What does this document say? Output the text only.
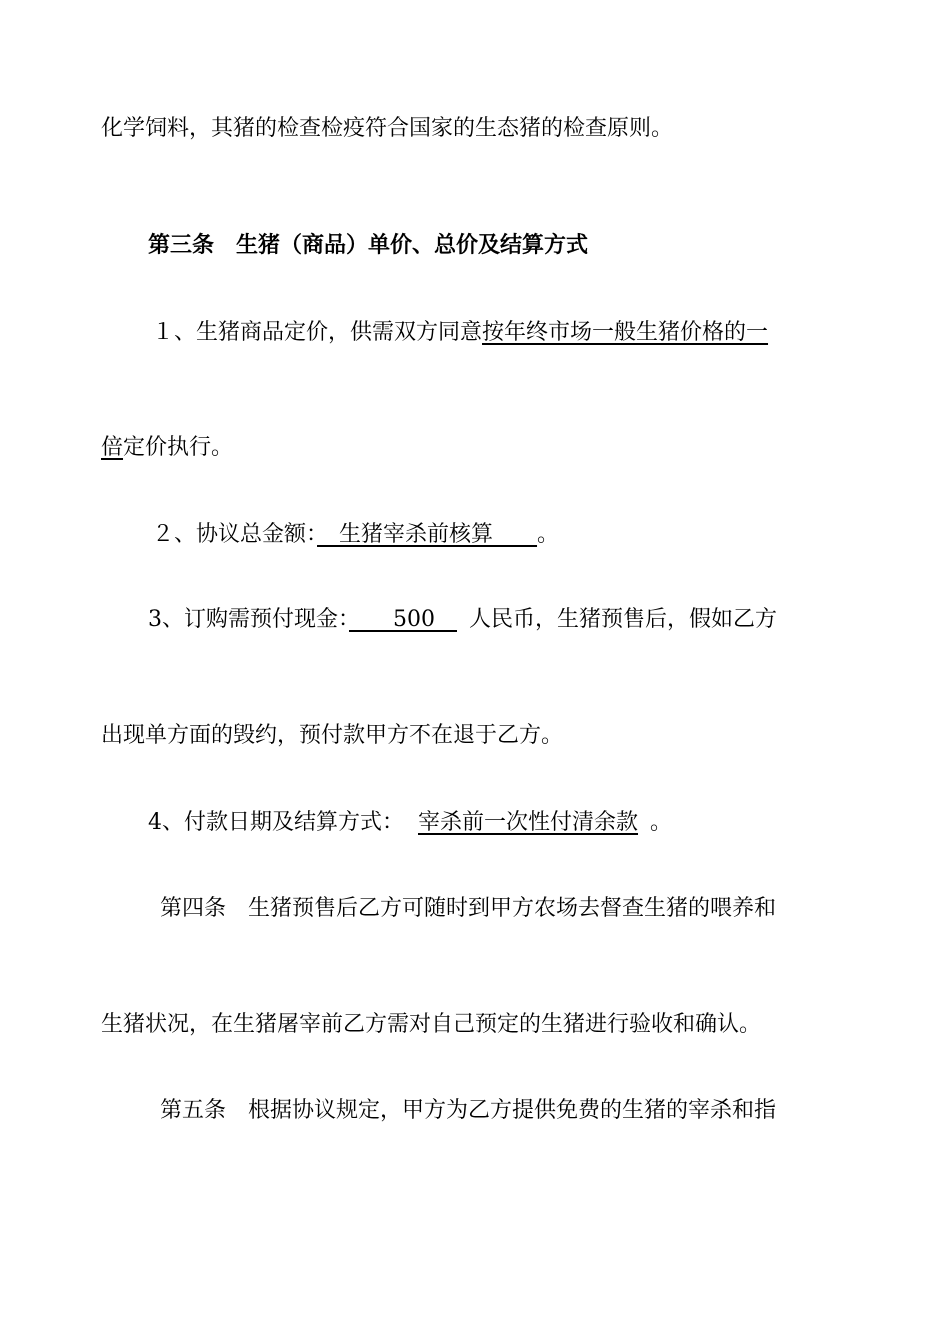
化学饲料，其猪的检查检疫符合国家的生态猪的检查原则。
第三条　生猪（商品）单价、总价及结算方式
１、生猪商品定价，供需双方同意按年终市场一般生猪价格的一
倍定价执行。
２、协议总金额：　生猪宰杀前核算　　。
3、订购需预付现金：　　500　人民币，生猪预售后，假如乙方
出现单方面的毁约，预付款甲方不在退于乙方。
4、付款日期及结算方式： 宰杀前一次性付清余款 。
第四条　生猪预售后乙方可随时到甲方农场去督查生猪的喂养和
生猪状况，在生猪屠宰前乙方需对自己预定的生猪进行验收和确认。
第五条　根据协议规定，甲方为乙方提供免费的生猪的宰杀和指
